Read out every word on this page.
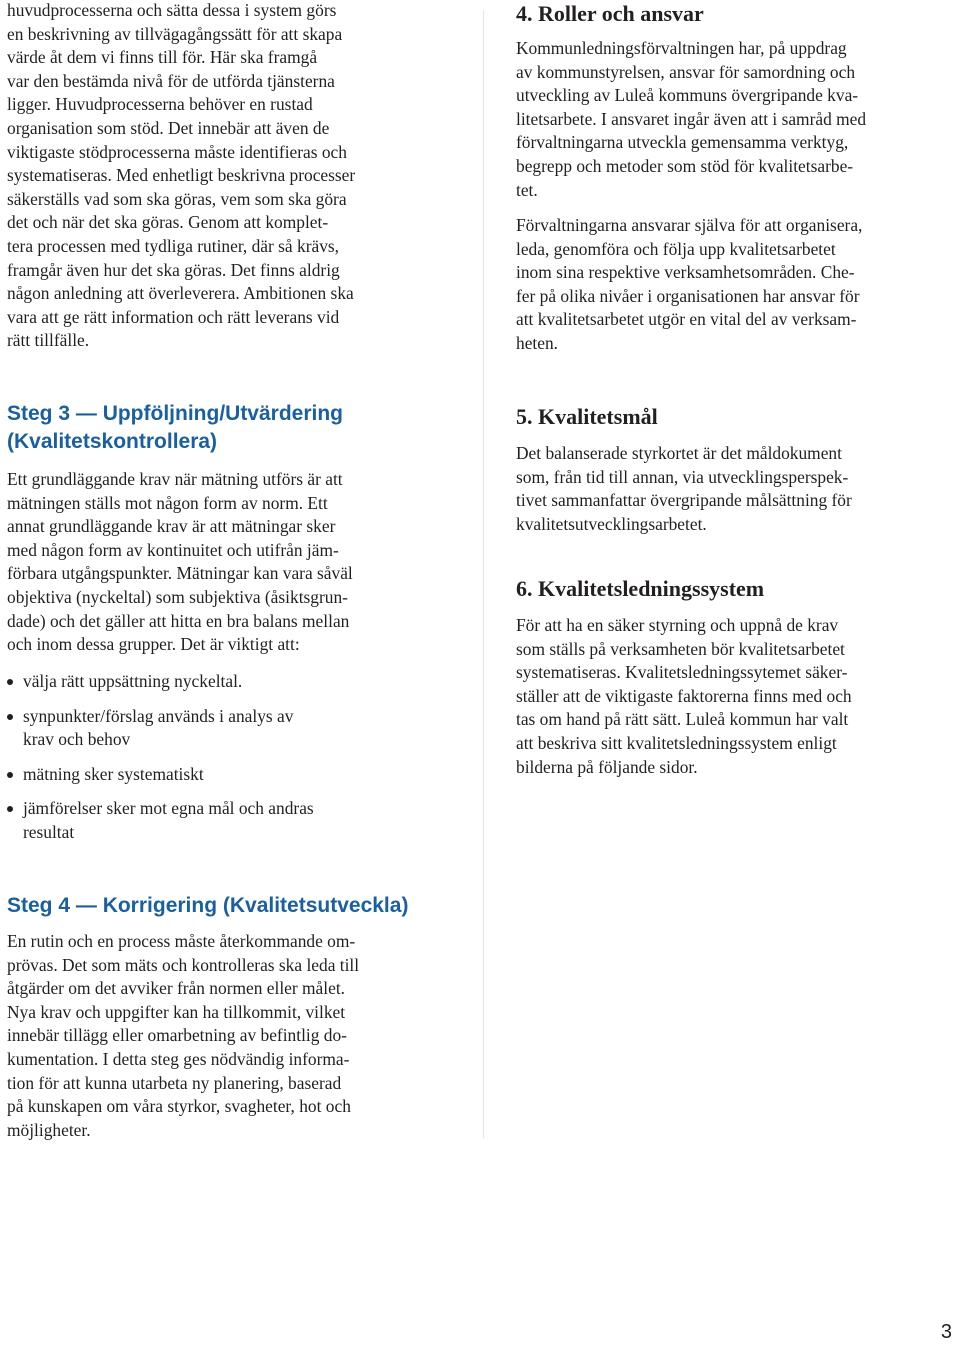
huvudprocesserna och sätta dessa i system görs
en beskrivning av tillvägagångssätt för att skapa
värde åt dem vi finns till för. Här ska framgå
var den bestämda nivå för de utförda tjänsterna
ligger. Huvudprocesserna behöver en rustad
organisation som stöd. Det innebär att även de
viktigaste stödprocesserna måste identifieras och
systematiseras. Med enhetligt beskrivna processer
säkerställs vad som ska göras, vem som ska göra
det och när det ska göras. Genom att komplet-
tera processen med tydliga rutiner, där så krävs,
framgår även hur det ska göras. Det finns aldrig
någon anledning att överleverera. Ambitionen ska
vara att ge rätt information och rätt leverans vid
rätt tillfälle.

Steg 3 — Uppföljning/Utvärdering
(Kvalitetskontrollera)

Ett grundläggande krav när mätning utförs är att
mätningen ställs mot någon form av norm. Ett
annat grundläggande krav är att mätningar sker
med någon form av kontinuitet och utifrån jäm-
förbara utgångspunkter. Mätningar kan vara såväl
objektiva (nyckeltal) som subjektiva (åsiktsgrun-
dade) och det gäller att hitta en bra balans mellan
och inom dessa grupper. Det är viktigt att:

välja rätt uppsättning nyckeltal.
synpunkter/förslag används i analys av
krav och behov
mätning sker systematiskt
jämförelser sker mot egna mål och andras
resultat
Steg 4 — Korrigering (Kvalitetsutveckla)

En rutin och en process måste återkommande om-
prövas. Det som mäts och kontrolleras ska leda till
åtgärder om det avviker från normen eller målet.
Nya krav och uppgifter kan ha tillkommit, vilket
innebär tillägg eller omarbetning av befintlig do-
kumentation. I detta steg ges nödvändig informa-
tion för att kunna utarbeta ny planering, baserad
på kunskapen om våra styrkor, svagheter, hot och
möjligheter.

4. Roller och ansvar

Kommunledningsförvaltningen har, på uppdrag
av kommunstyrelsen, ansvar för samordning och
utveckling av Luleå kommuns övergripande kva-
litetsarbete. I ansvaret ingår även att i samråd med
förvaltningarna utveckla gemensamma verktyg,
begrepp och metoder som stöd för kvalitetsarbe-
tet.

Förvaltningarna ansvarar själva för att organisera,
leda, genomföra och följa upp kvalitetsarbetet
inom sina respektive verksamhetsområden. Che-
fer på olika nivåer i organisationen har ansvar för
att kvalitetsarbetet utgör en vital del av verksam-
heten.

5. Kvalitetsmål

Det balanserade styrkortet är det måldokument
som, från tid till annan, via utvecklingsperspek-
tivet sammanfattar övergripande målsättning för
kvalitetsutvecklingsarbetet.

6. Kvalitetsledningssystem

För att ha en säker styrning och uppnå de krav
som ställs på verksamheten bör kvalitetsarbetet
systematiseras. Kvalitetsledningssytemet säker-
ställer att de viktigaste faktorerna finns med och
tas om hand på rätt sätt. Luleå kommun har valt
att beskriva sitt kvalitetsledningssystem enligt
bilderna på följande sidor.

3
